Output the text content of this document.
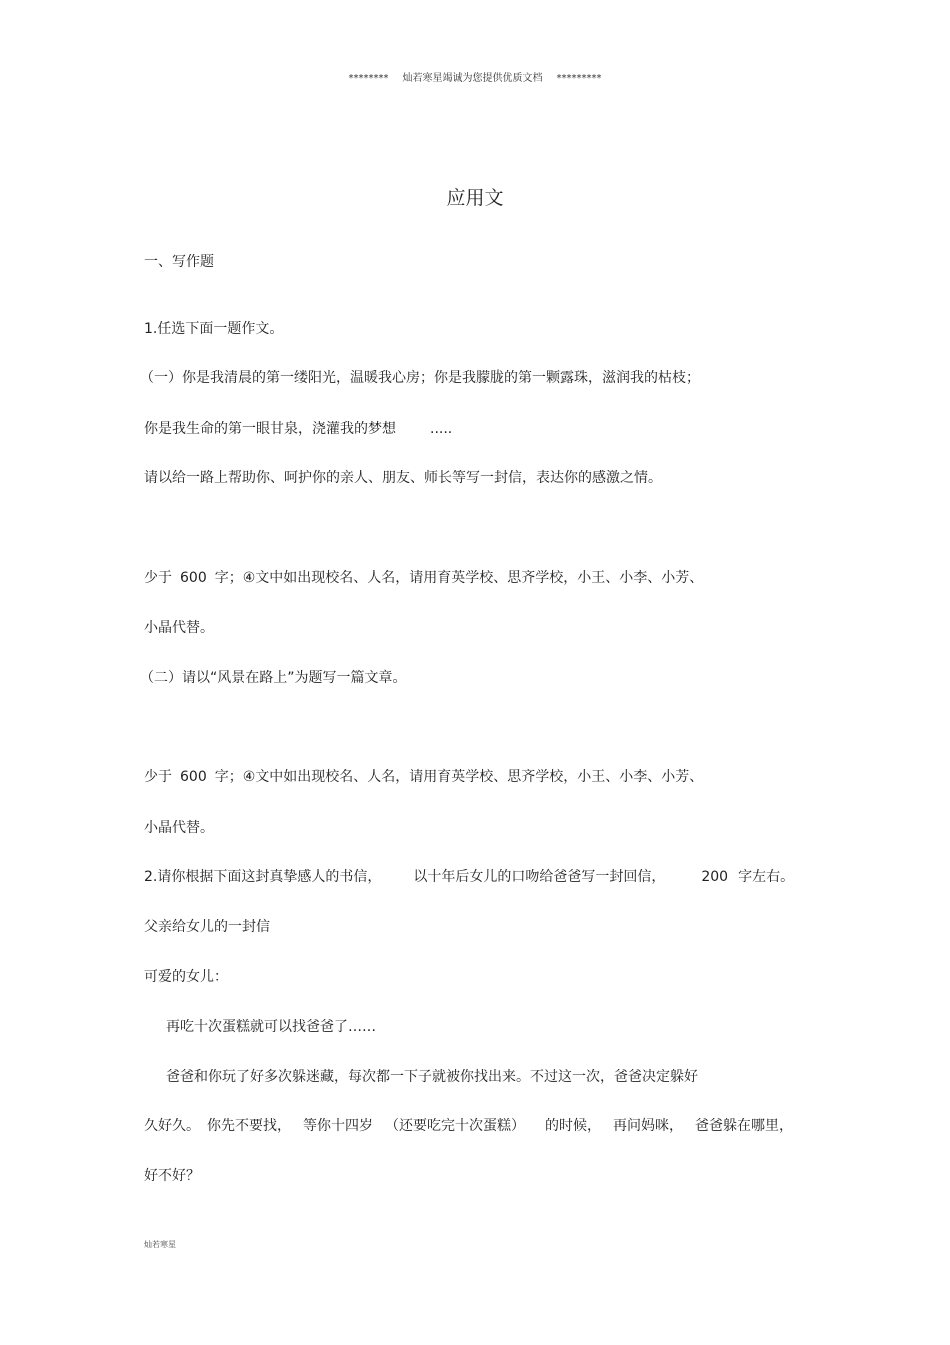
******** 灿若寒星竭诚为您提供优质文档 *********
应用文
一、写作题
1.任选下面一题作文。
（一）你是我清晨的第一缕阳光，温暖我心房；你是我朦胧的第一颗露珠，滋润我的枯枝；
你是我生命的第一眼甘泉，浇灌我的梦想 .....
请以给一路上帮助你、呵护你的亲人、朋友、师长等写一封信，表达你的感激之情。
少于 600 字；④文中如出现校名、人名，请用育英学校、思齐学校，小王、小李、小芳、
小晶代替。
（二）请以“风景在路上”为题写一篇文章。
少于 600 字；④文中如出现校名、人名，请用育英学校、思齐学校，小王、小李、小芳、
小晶代替。
2.请你根据下面这封真挚感人的书信， 以十年后女儿的口吻给爸爸写一封回信，	200 字左右。
父亲给女儿的一封信
可爱的女儿：
再吃十次蛋糕就可以找爸爸了……
爸爸和你玩了好多次躲迷藏，每次都一下子就被你找出来。不过这一次，爸爸决定躲好
久好久。 你先不要找， 等你十四岁 （还要吃完十次蛋糕） 的时候， 再问妈咪， 爸爸躲在哪里，
好不好？
灿若寒星
